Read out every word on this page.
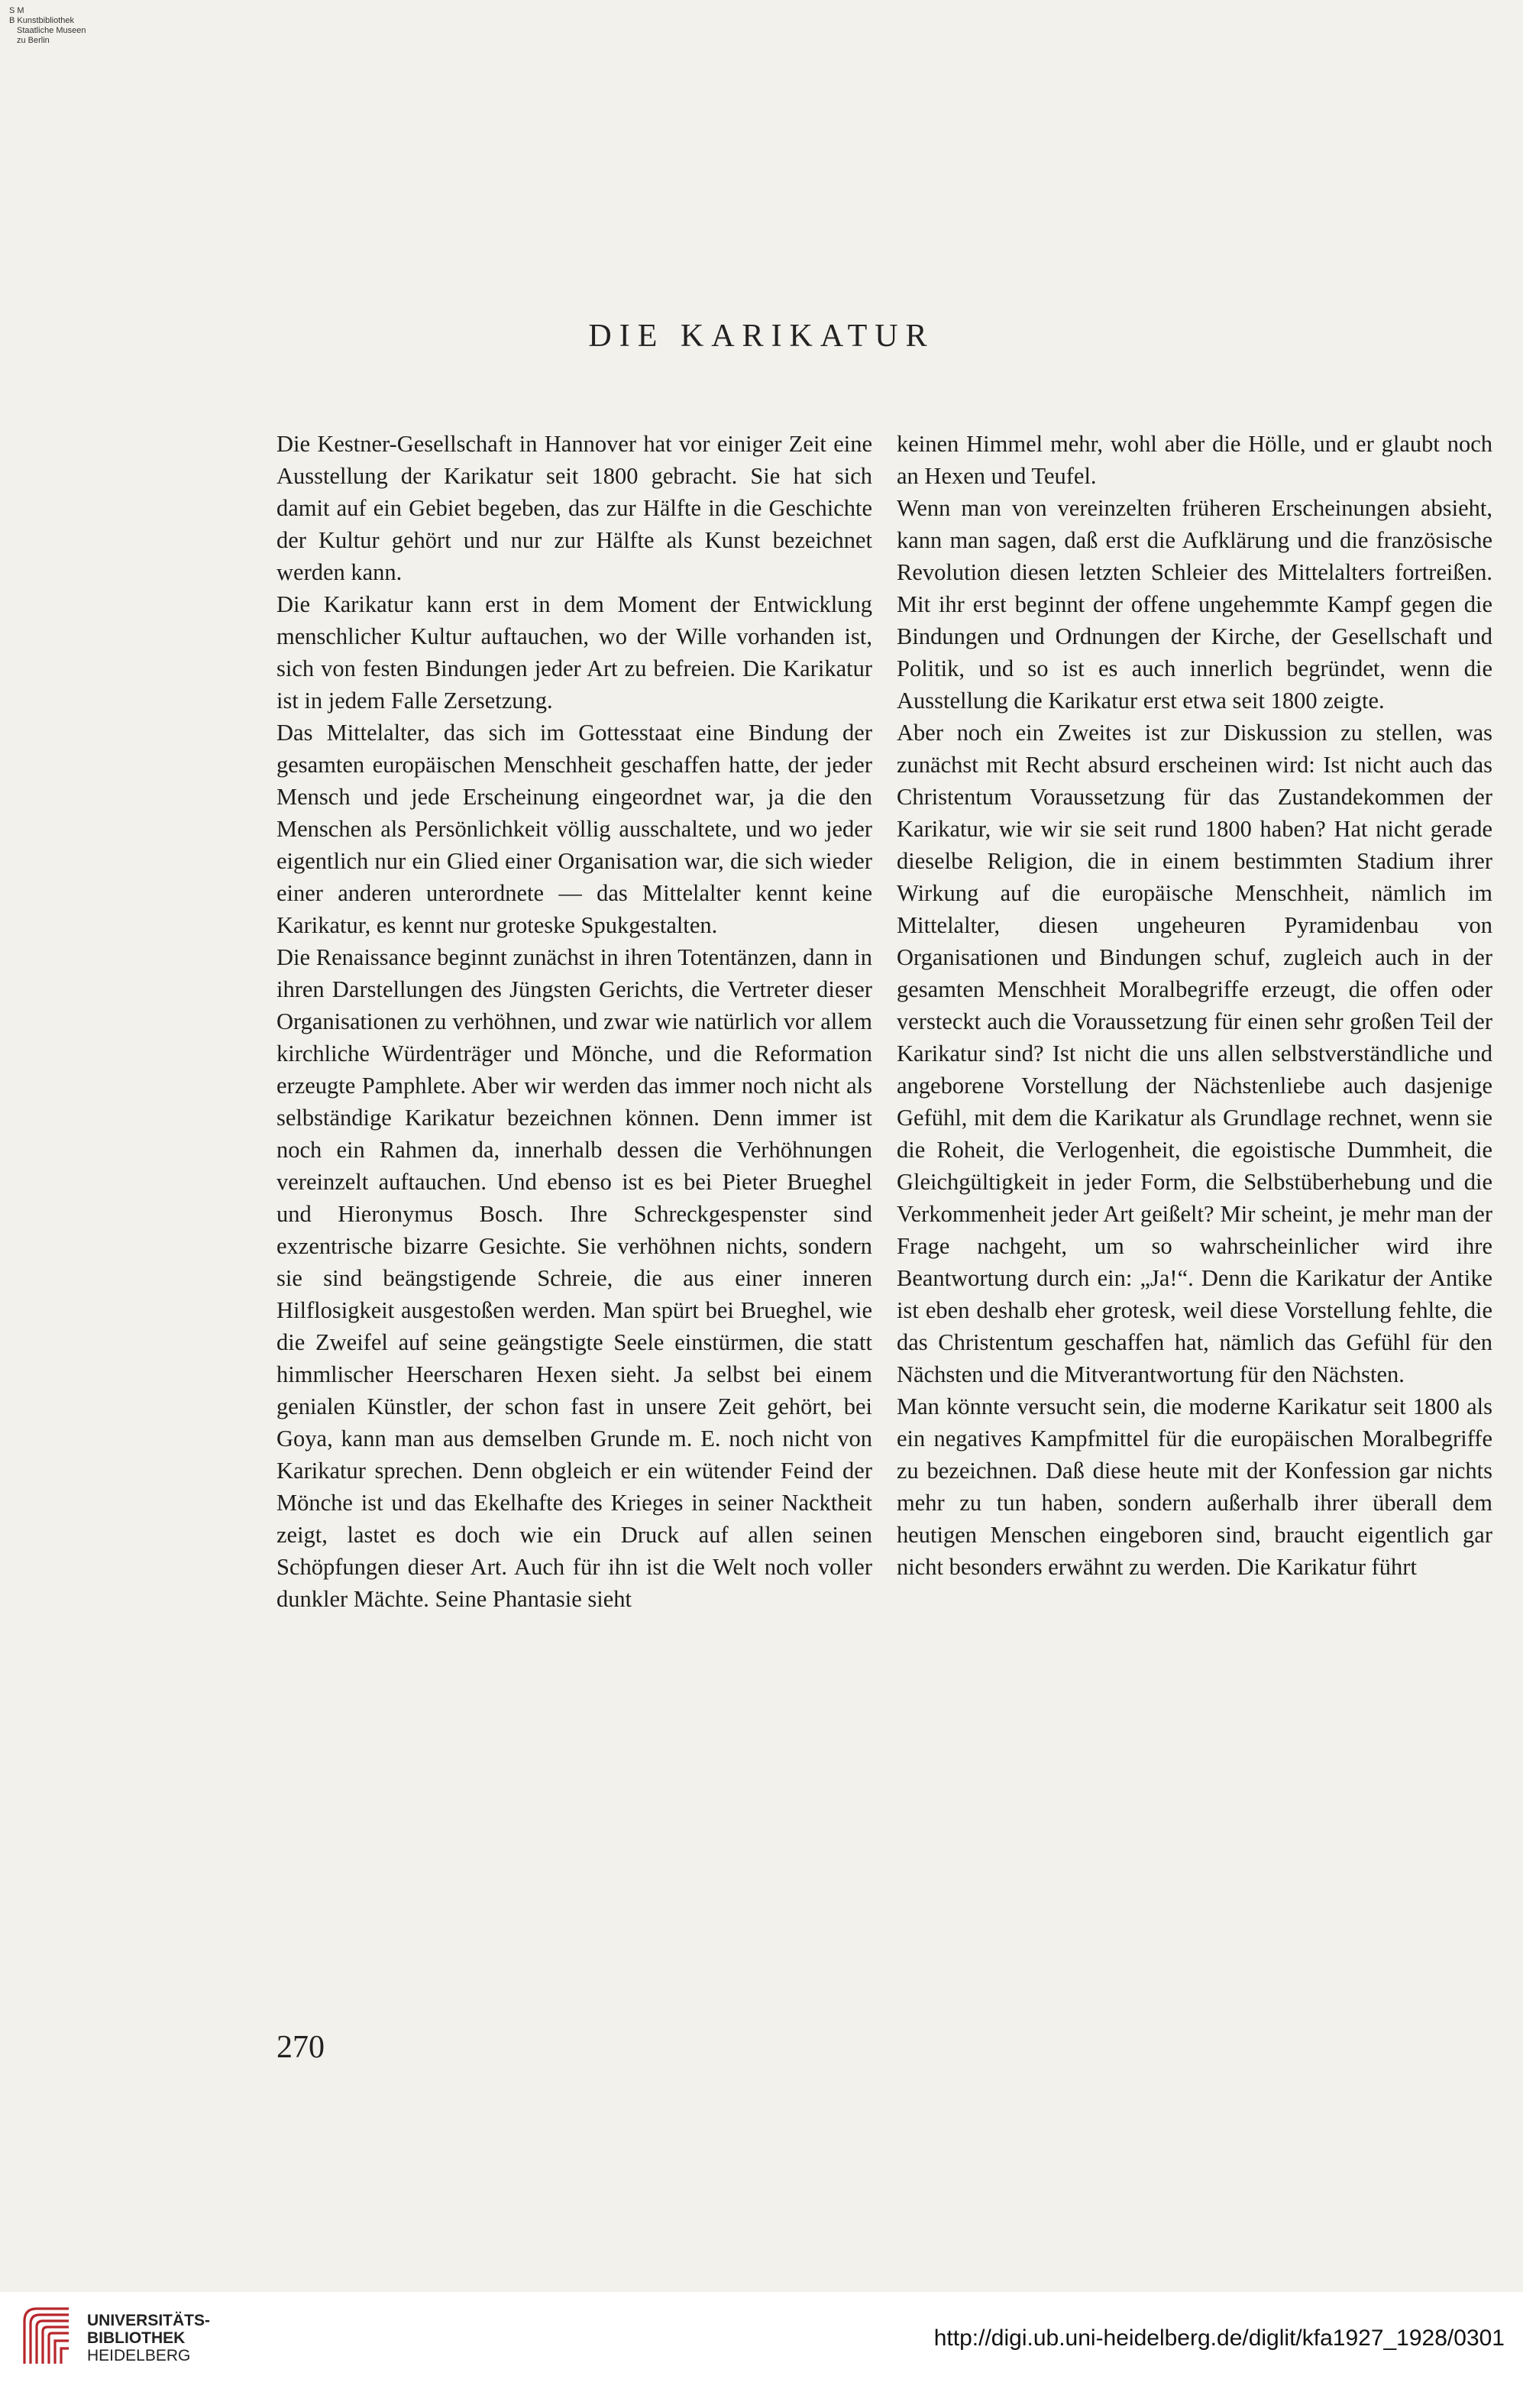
S M
B Kunstbibliothek
Staatliche Museen
zu Berlin
DIE KARIKATUR

Die Kestner-Gesellschaft in Hannover hat vor einiger Zeit eine Ausstellung der Karikatur seit 1800 gebracht. Sie hat sich damit auf ein Gebiet begeben, das zur Hälfte in die Geschichte der Kultur gehört und nur zur Hälfte als Kunst bezeichnet werden kann.

Die Karikatur kann erst in dem Moment der Entwicklung menschlicher Kultur auftauchen, wo der Wille vorhanden ist, sich von festen Bindungen jeder Art zu befreien. Die Karikatur ist in jedem Falle Zersetzung.

Das Mittelalter, das sich im Gottesstaat eine Bindung der gesamten europäischen Menschheit geschaffen hatte, der jeder Mensch und jede Erscheinung eingeordnet war, ja die den Menschen als Persönlichkeit völlig ausschaltete, und wo jeder eigentlich nur ein Glied einer Organisation war, die sich wieder einer anderen unterordnete — das Mittelalter kennt keine Karikatur, es kennt nur groteske Spukgestalten.

Die Renaissance beginnt zunächst in ihren Totentänzen, dann in ihren Darstellungen des Jüngsten Gerichts, die Vertreter dieser Organisationen zu verhöhnen, und zwar wie natürlich vor allem kirchliche Würdenträger und Mönche, und die Reformation erzeugte Pamphlete. Aber wir werden das immer noch nicht als selbständige Karikatur bezeichnen können. Denn immer ist noch ein Rahmen da, innerhalb dessen die Verhöhnungen vereinzelt auftauchen. Und ebenso ist es bei Pieter Brueghel und Hieronymus Bosch. Ihre Schreckgespenster sind exzentrische bizarre Gesichte. Sie verhöhnen nichts, sondern sie sind beängstigende Schreie, die aus einer inneren Hilflosigkeit ausgestoßen werden. Man spürt bei Brueghel, wie die Zweifel auf seine geängstigte Seele einstürmen, die statt himmlischer Heerscharen Hexen sieht. Ja selbst bei einem genialen Künstler, der schon fast in unsere Zeit gehört, bei Goya, kann man aus demselben Grunde m. E. noch nicht von Karikatur sprechen. Denn obgleich er ein wütender Feind der Mönche ist und das Ekelhafte des Krieges in seiner Nacktheit zeigt, lastet es doch wie ein Druck auf allen seinen Schöpfungen dieser Art. Auch für ihn ist die Welt noch voller dunkler Mächte. Seine Phantasie sieht

keinen Himmel mehr, wohl aber die Hölle, und er glaubt noch an Hexen und Teufel.

Wenn man von vereinzelten früheren Erscheinungen absieht, kann man sagen, daß erst die Aufklärung und die französische Revolution diesen letzten Schleier des Mittelalters fortreißen. Mit ihr erst beginnt der offene ungehemmte Kampf gegen die Bindungen und Ordnungen der Kirche, der Gesellschaft und Politik, und so ist es auch innerlich begründet, wenn die Ausstellung die Karikatur erst etwa seit 1800 zeigte.

Aber noch ein Zweites ist zur Diskussion zu stellen, was zunächst mit Recht absurd erscheinen wird: Ist nicht auch das Christentum Voraussetzung für das Zustandekommen der Karikatur, wie wir sie seit rund 1800 haben? Hat nicht gerade dieselbe Religion, die in einem bestimmten Stadium ihrer Wirkung auf die europäische Menschheit, nämlich im Mittelalter, diesen ungeheuren Pyramidenbau von Organisationen und Bindungen schuf, zugleich auch in der gesamten Menschheit Moralbegriffe erzeugt, die offen oder versteckt auch die Voraussetzung für einen sehr großen Teil der Karikatur sind? Ist nicht die uns allen selbstverständliche und angeborene Vorstellung der Nächstenliebe auch dasjenige Gefühl, mit dem die Karikatur als Grundlage rechnet, wenn sie die Roheit, die Verlogenheit, die egoistische Dummheit, die Gleichgültigkeit in jeder Form, die Selbstüberhebung und die Verkommenheit jeder Art geißelt? Mir scheint, je mehr man der Frage nachgeht, um so wahrscheinlicher wird ihre Beantwortung durch ein: „Ja!“. Denn die Karikatur der Antike ist eben deshalb eher grotesk, weil diese Vorstellung fehlte, die das Christentum geschaffen hat, nämlich das Gefühl für den Nächsten und die Mitverantwortung für den Nächsten.

Man könnte versucht sein, die moderne Karikatur seit 1800 als ein negatives Kampfmittel für die europäischen Moralbegriffe zu bezeichnen. Daß diese heute mit der Konfession gar nichts mehr zu tun haben, sondern außerhalb ihrer überall dem heutigen Menschen eingeboren sind, braucht eigentlich gar nicht besonders erwähnt zu werden. Die Karikatur führt

270
UNIVERSITÄTS-
BIBLIOTHEK
HEIDELBERG
http://digi.ub.uni-heidelberg.de/diglit/kfa1927_1928/0301
